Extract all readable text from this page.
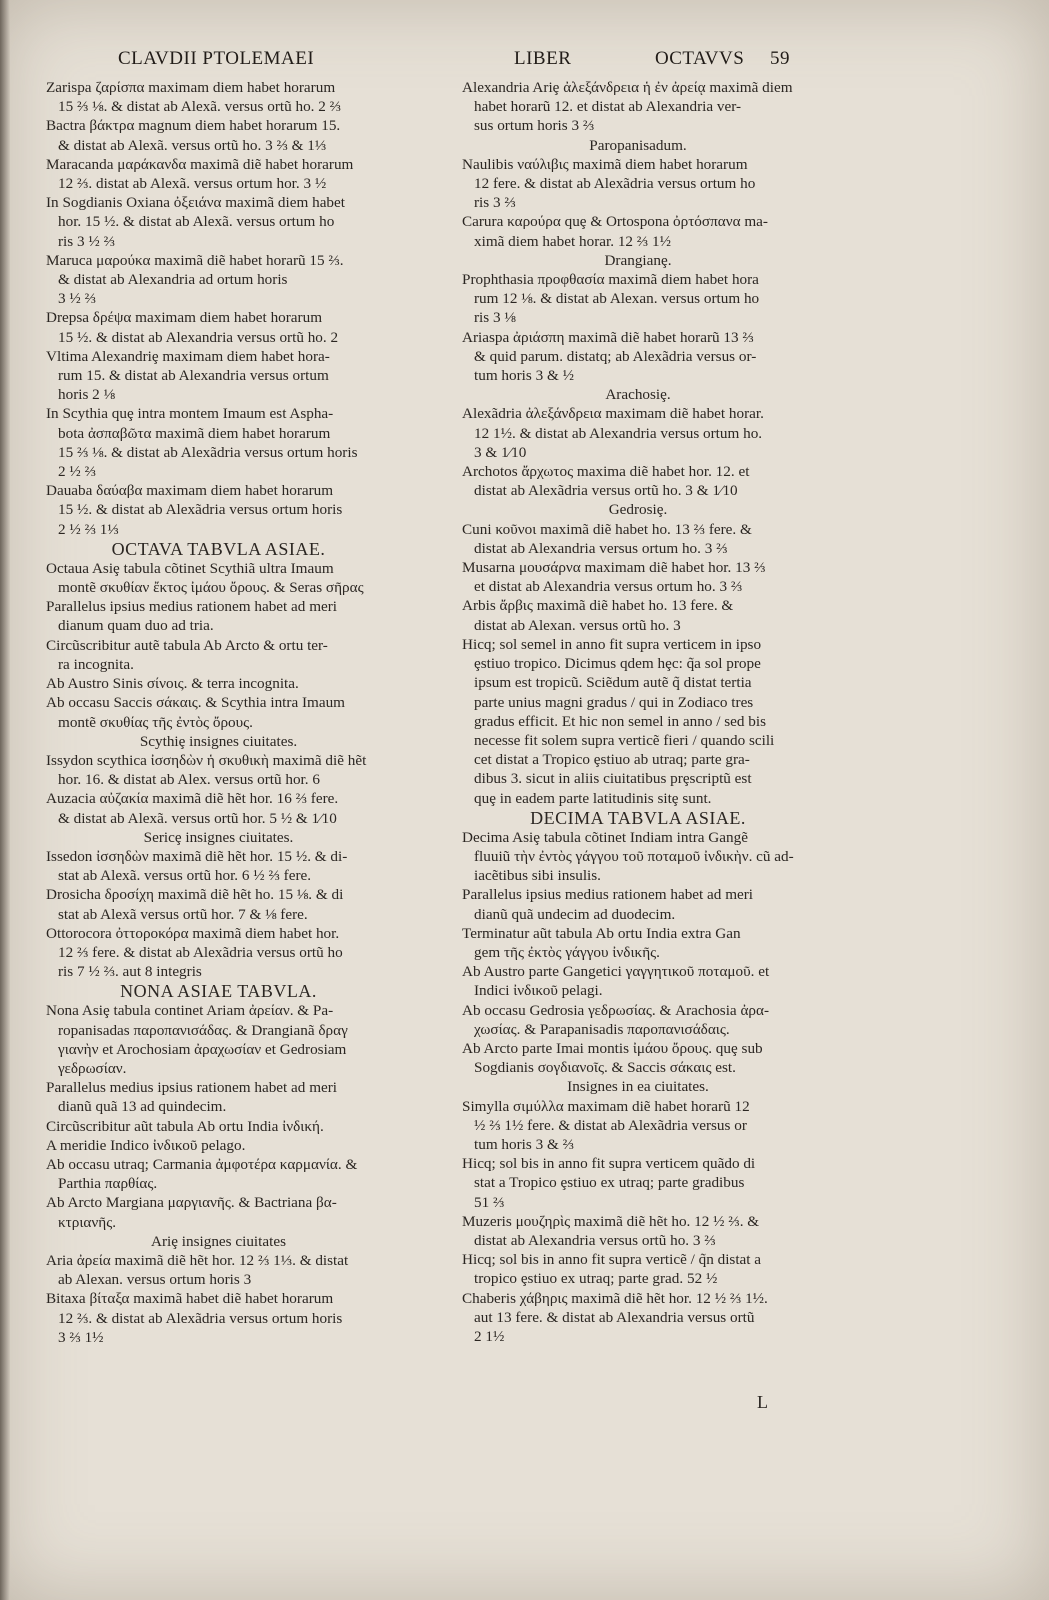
CLAVDII PTOLEMAEI	LIBER	OCTAVVS 59
Zarispa ζαρίσπα maximam diem habet horarum
15 ⅔ ⅛. & distat ab Alexã. versus ortũ ho. 2 ⅔
Bactra βάκτρα magnum diem habet horarum 15.
& distat ab Alexã. versus ortũ ho. 3 ⅔ & 1⅓
Maracanda μαράκανδα maximã diẽ habet horarum
12 ⅔. distat ab Alexã. versus ortum hor. 3 ½
In Sogdianis Oxiana ὀξειάνα maximã diem habet
hor. 15 ½. & distat ab Alexã. versus ortum ho
ris 3 ½ ⅔
Maruca μαρούκα maximã diẽ habet horarũ 15 ⅔.
& distat ab Alexandria ad ortum horis
3 ½ ⅔
Drepsa δρέψα maximam diem habet horarum
15 ½. & distat ab Alexandria versus ortũ ho. 2
Vltima Alexandriȩ maximam diem habet hora-
rum 15. & distat ab Alexandria versus ortum
horis 2 ⅛
In Scythia quȩ intra montem Imaum est Aspha-
bota ἀσπαβῶτα maximã diem habet horarum
15 ⅔ ⅛. & distat ab Alexãdria versus ortum horis
2 ½ ⅔
Dauaba δαύαβα maximam diem habet horarum
15 ½. & distat ab Alexãdria versus ortum horis
2 ½ ⅔ 1⅓
OCTAVA TABVLA ASIAE.
Octaua Asiȩ tabula cõtinet Scythiã ultra Imaum
montẽ σκυθίαν ἔκτος ἰμάου ὄρους. & Seras σῆρας
Parallelus ipsius medius rationem habet ad meri
dianum quam duo ad tria.
Circũscribitur autẽ tabula Ab Arcto & ortu ter-
ra incognita.
Ab Austro Sinis σίνοις. & terra incognita.
Ab occasu Saccis σάκαις. & Scythia intra Imaum
montẽ σκυθίας τῆς ἐντὸς ὄρους.
Scythiȩ insignes ciuitates.
Issydon scythica ἰσσηδὼν ἡ σκυθικὴ maximã diẽ hẽt
hor. 16. & distat ab Alex. versus ortũ hor. 6
Auzacia αὐζακία maximã diẽ hẽt hor. 16 ⅔ fere.
& distat ab Alexã. versus ortũ hor. 5 ½ & 1⁄10
Sericȩ insignes ciuitates.
Issedon ἰσσηδὼν maximã diẽ hẽt hor. 15 ½. & di-
stat ab Alexã. versus ortũ hor. 6 ½ ⅔ fere.
Drosicha δροσίχη maximã diẽ hẽt ho. 15 ⅛. & di
stat ab Alexã versus ortũ hor. 7 & ⅛ fere.
Ottorocora ὀττοροκόρα maximã diem habet hor.
12 ⅔ fere. & distat ab Alexãdria versus ortũ ho
ris 7 ½ ⅔. aut 8 integris
NONA ASIAE TABVLA.
Nona Asiȩ tabula continet Ariam ἀρείαν. & Pa-
ropanisadas παροπανισάδας. & Drangianã δραγ
γιανὴν et Arochosiam ἀραχωσίαν et Gedrosiam
γεδρωσίαν.
Parallelus medius ipsius rationem habet ad meri
dianũ quã 13 ad quindecim.
Circũscribitur aũt tabula Ab ortu India ἰνδική.
A meridie Indico ἰνδικοῦ pelago.
Ab occasu utraq; Carmania ἀμφοτέρα καρμανία. &
Parthia παρθίας.
Ab Arcto Margiana μαργιανῆς. & Bactriana βα-
κτριανῆς.
Ariȩ insignes ciuitates
Aria ἀρεία maximã diẽ hẽt hor. 12 ⅔ 1⅓. & distat
ab Alexan. versus ortum horis 3
Bitaxa βίταξα maximã habet diẽ habet horarum
12 ⅔. & distat ab Alexãdria versus ortum horis
3 ⅔ 1½
Alexandria Ariȩ ἀλεξάνδρεια ἡ ἐν ἀρείᾳ maximã diem
habet horarũ 12. et distat ab Alexandria ver-
sus ortum horis 3 ⅔
Paropanisadum.
Naulibis ναύλιβις maximã diem habet horarum
12 fere. & distat ab Alexãdria versus ortum ho
ris 3 ⅔
Carura καρούρα quȩ & Ortospona ὀρτόσπανα ma-
ximã diem habet horar. 12 ⅔ 1½
Drangianȩ.
Prophthasia προφθασία maximã diem habet hora
rum 12 ⅛. & distat ab Alexan. versus ortum ho
ris 3 ⅛
Ariaspa ἀριάσπη maximã diẽ habet horarũ 13 ⅔
& quid parum. distatq; ab Alexãdria versus or-
tum horis 3 & ½
Arachosiȩ.
Alexãdria ἀλεξάνδρεια maximam diẽ habet horar.
12 1½. & distat ab Alexandria versus ortum ho.
3 & 1⁄10
Archotos ἄρχωτος maxima diẽ habet hor. 12. et
distat ab Alexãdria versus ortũ ho. 3 & 1⁄10
Gedrosiȩ.
Cuni κοῦνοι maximã diẽ habet ho. 13 ⅔ fere. &
distat ab Alexandria versus ortum ho. 3 ⅔
Musarna μουσάρνα maximam diẽ habet hor. 13 ⅔
et distat ab Alexandria versus ortum ho. 3 ⅔
Arbis ἄρβις maximã diẽ habet ho. 13 fere. &
distat ab Alexan. versus ortũ ho. 3
Hicq; sol semel in anno fit supra verticem in ipso
ȩstiuo tropico. Dicimus qdem hȩc: q̃a sol prope
ipsum est tropicũ. Sciẽdum autẽ q̃ distat tertia
parte unius magni gradus / qui in Zodiaco tres
gradus efficit. Et hic non semel in anno / sed bis
necesse fit solem supra verticẽ fieri / quando scili
cet distat a Tropico ȩstiuo ab utraq; parte gra-
dibus 3. sicut in aliis ciuitatibus prȩscriptũ est
quȩ in eadem parte latitudinis sitȩ sunt.
DECIMA TABVLA ASIAE.
Decima Asiȩ tabula cõtinet Indiam intra Gangẽ
fluuiũ τὴν ἐντὸς γάγγου τοῦ ποταμοῦ ἰνδικὴν. cũ ad-
iacẽtibus sibi insulis.
Parallelus ipsius medius rationem habet ad meri
dianũ quã undecim ad duodecim.
Terminatur aũt tabula Ab ortu India extra Gan
gem τῆς ἐκτὸς γάγγου ἰνδικῆς.
Ab Austro parte Gangetici γαγγητικοῦ ποταμοῦ. et
Indici ἰνδικοῦ pelagi.
Ab occasu Gedrosia γεδρωσίας. & Arachosia ἀρα-
χωσίας. & Parapanisadis παροπανισάδαις.
Ab Arcto parte Imai montis ἰμάου ὄρους. quȩ sub
Sogdianis σογδιανοῖς. & Saccis σάκαις est.
Insignes in ea ciuitates.
Simylla σιμύλλα maximam diẽ habet horarũ 12
½ ⅔ 1½ fere. & distat ab Alexãdria versus or
tum horis 3 & ⅔
Hicq; sol bis in anno fit supra verticem quãdo di
stat a Tropico ȩstiuo ex utraq; parte gradibus
51 ⅔
Muzeris μουζηρὶς maximã diẽ hẽt ho. 12 ½ ⅔. &
distat ab Alexandria versus ortũ ho. 3 ⅔
Hicq; sol bis in anno fit supra verticẽ / q̃n distat a
tropico ȩstiuo ex utraq; parte grad. 52 ½
Chaberis χάβηρις maximã diẽ hẽt hor. 12 ½ ⅔ 1½.
aut 13 fere. & distat ab Alexandria versus ortũ
2 1½
L
